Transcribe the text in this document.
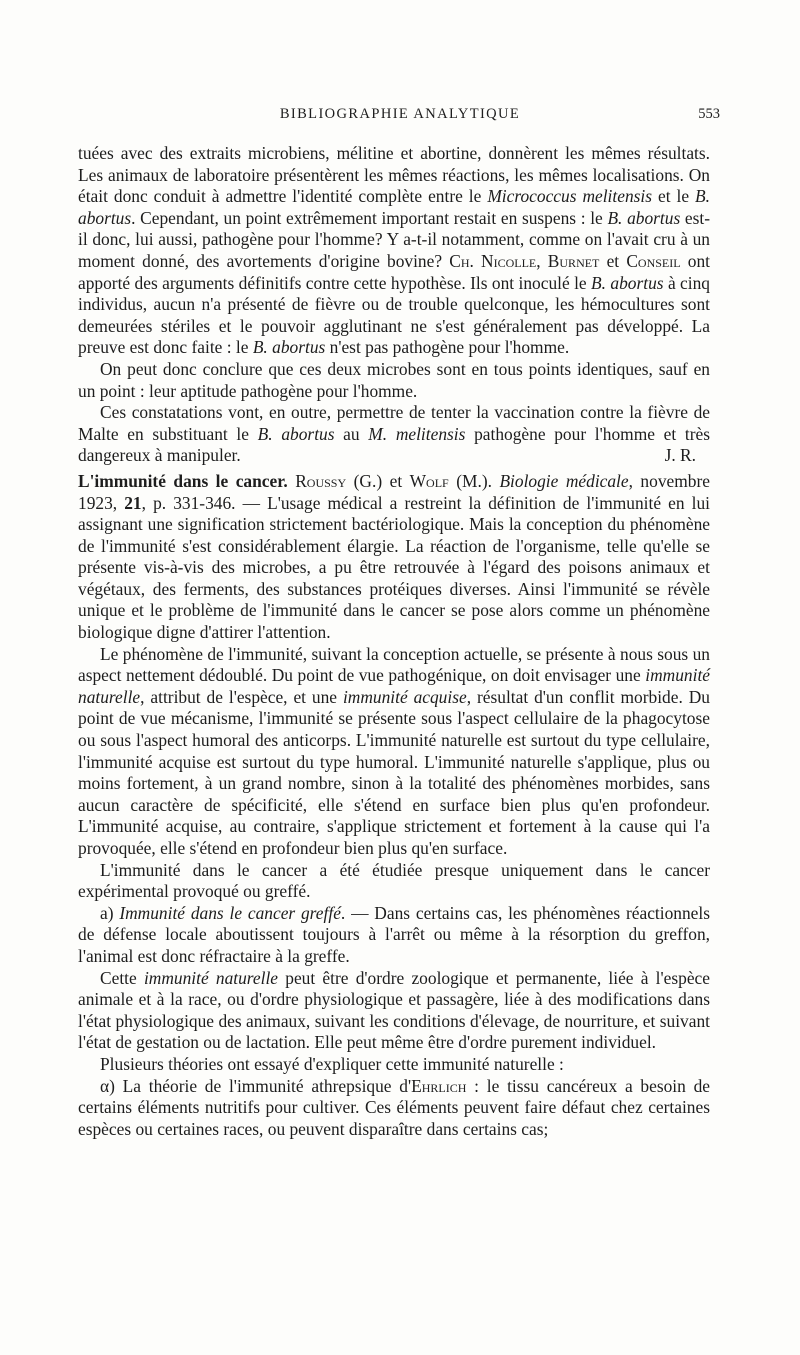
BIBLIOGRAPHIE ANALYTIQUE	553

tuées avec des extraits microbiens, mélitine et abortine, donnèrent les mêmes résultats. Les animaux de laboratoire présentèrent les mêmes réactions, les mêmes localisations. On était donc conduit à admettre l'identité complète entre le Micrococcus melitensis et le B. abortus. Cependant, un point extrêmement important restait en suspens : le B. abortus est-il donc, lui aussi, pathogène pour l'homme? Y a-t-il notamment, comme on l'avait cru à un moment donné, des avortements d'origine bovine? Ch. Nicolle, Burnet et Conseil ont apporté des arguments définitifs contre cette hypothèse. Ils ont inoculé le B. abortus à cinq individus, aucun n'a présenté de fièvre ou de trouble quelconque, les hémocultures sont demeurées stériles et le pouvoir agglutinant ne s'est généralement pas développé. La preuve est donc faite : le B. abortus n'est pas pathogène pour l'homme.

On peut donc conclure que ces deux microbes sont en tous points identiques, sauf en un point : leur aptitude pathogène pour l'homme.

Ces constatations vont, en outre, permettre de tenter la vaccination contre la fièvre de Malte en substituant le B. abortus au M. melitensis pathogène pour l'homme et très dangereux à manipuler.	J. R.

L'immunité dans le cancer. Roussy (G.) et Wolf (M.). Biologie médicale, novembre 1923, 21, p. 331-346. — L'usage médical a restreint la définition de l'immunité en lui assignant une signification strictement bactériologique. Mais la conception du phénomène de l'immunité s'est considérablement élargie. La réaction de l'organisme, telle qu'elle se présente vis-à-vis des microbes, a pu être retrouvée à l'égard des poisons animaux et végétaux, des ferments, des substances protéiques diverses. Ainsi l'immunité se révèle unique et le problème de l'immunité dans le cancer se pose alors comme un phénomène biologique digne d'attirer l'attention.

Le phénomène de l'immunité, suivant la conception actuelle, se présente à nous sous un aspect nettement dédoublé. Du point de vue pathogénique, on doit envisager une immunité naturelle, attribut de l'espèce, et une immunité acquise, résultat d'un conflit morbide. Du point de vue mécanisme, l'immunité se présente sous l'aspect cellulaire de la phagocytose ou sous l'aspect humoral des anticorps. L'immunité naturelle est surtout du type cellulaire, l'immunité acquise est surtout du type humoral. L'immunité naturelle s'applique, plus ou moins fortement, à un grand nombre, sinon à la totalité des phénomènes morbides, sans aucun caractère de spécificité, elle s'étend en surface bien plus qu'en profondeur. L'immunité acquise, au contraire, s'applique strictement et fortement à la cause qui l'a provoquée, elle s'étend en profondeur bien plus qu'en surface.

L'immunité dans le cancer a été étudiée presque uniquement dans le cancer expérimental provoqué ou greffé.

a) Immunité dans le cancer greffé. — Dans certains cas, les phénomènes réactionnels de défense locale aboutissent toujours à l'arrêt ou même à la résorption du greffon, l'animal est donc réfractaire à la greffe.

Cette immunité naturelle peut être d'ordre zoologique et permanente, liée à l'espèce animale et à la race, ou d'ordre physiologique et passagère, liée à des modifications dans l'état physiologique des animaux, suivant les conditions d'élevage, de nourriture, et suivant l'état de gestation ou de lactation. Elle peut même être d'ordre purement individuel.

Plusieurs théories ont essayé d'expliquer cette immunité naturelle :

α) La théorie de l'immunité athrepsique d'Ehrlich : le tissu cancéreux a besoin de certains éléments nutritifs pour cultiver. Ces éléments peuvent faire défaut chez certaines espèces ou certaines races, ou peuvent disparaître dans certains cas;
